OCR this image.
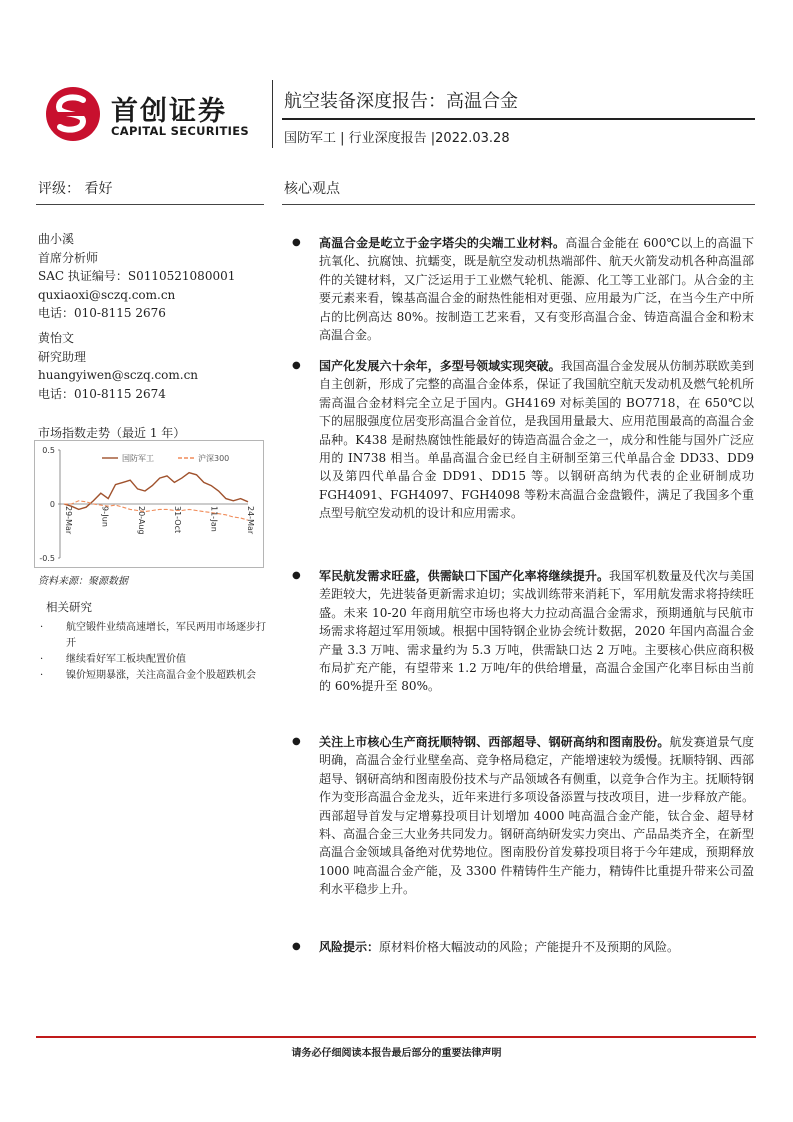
首创证券
CAPITAL SECURITIES
航空装备深度报告：高温合金
国防军工 | 行业深度报告 |2022.03.28
评级： 看好	核心观点
曲小溪
首席分析师
SAC 执证编号：S0110521080001
quxiaoxi@sczq.com.cn
电话：010-8115 2676
黄怡文
研究助理
huangyiwen@sczq.com.cn
电话：010-8115 2674
市场指数走势（最近 1 年）
0.5
0
-0.5
29-Mar	9-Jun	20-Aug	31-Oct	11-Jan	24-Mar
国防军工	沪深300
资料来源：聚源数据
相关研究
· 航空锻件业绩高速增长，军民两用市场逐步打开
· 继续看好军工板块配置价值
· 镍价短期暴涨，关注高温合金个股超跌机会
● 高温合金是屹立于金字塔尖的尖端工业材料。高温合金能在 600℃以上的高温下抗氧化、抗腐蚀、抗蠕变，既是航空发动机热端部件、航天火箭发动机各种高温部件的关键材料，又广泛运用于工业燃气轮机、能源、化工等工业部门。从合金的主要元素来看，镍基高温合金的耐热性能相对更强、应用最为广泛，在当今生产中所占的比例高达 80%。按制造工艺来看，又有变形高温合金、铸造高温合金和粉末高温合金。
● 国产化发展六十余年，多型号领域实现突破。我国高温合金发展从仿制苏联欧美到自主创新，形成了完整的高温合金体系，保证了我国航空航天发动机及燃气轮机所需高温合金材料完全立足于国内。GH4169 对标美国的 BO7718，在 650℃以下的屈服强度位居变形高温合金首位，是我国用量最大、应用范围最高的高温合金品种。K438 是耐热腐蚀性能最好的铸造高温合金之一，成分和性能与国外广泛应用的 IN738 相当。单晶高温合金已经自主研制至第三代单晶合金 DD33、DD9 以及第四代单晶合金 DD91、DD15 等。以钢研高纳为代表的企业研制成功 FGH4091、FGH4097、FGH4098 等粉末高温合金盘锻件，满足了我国多个重点型号航空发动机的设计和应用需求。
● 军民航发需求旺盛，供需缺口下国产化率将继续提升。我国军机数量及代次与美国差距较大，先进装备更新需求迫切；实战训练带来消耗下，军用航发需求将持续旺盛。未来 10-20 年商用航空市场也将大力拉动高温合金需求，预期通航与民航市场需求将超过军用领域。根据中国特钢企业协会统计数据，2020 年国内高温合金产量 3.3 万吨、需求量约为 5.3 万吨，供需缺口达 2 万吨。主要核心供应商积极布局扩充产能，有望带来 1.2 万吨/年的供给增量，高温合金国产化率目标由当前的 60%提升至 80%。
● 关注上市核心生产商抚顺特钢、西部超导、钢研高纳和图南股份。航发赛道景气度明确，高温合金行业壁垒高、竞争格局稳定，产能增速较为缓慢。抚顺特钢、西部超导、钢研高纳和图南股份技术与产品领域各有侧重，以竞争合作为主。抚顺特钢作为变形高温合金龙头，近年来进行多项设备添置与技改项目，进一步释放产能。西部超导首发与定增募投项目计划增加 4000 吨高温合金产能，钛合金、超导材料、高温合金三大业务共同发力。钢研高纳研发实力突出、产品品类齐全，在新型高温合金领域具备绝对优势地位。图南股份首发募投项目将于今年建成，预期释放 1000 吨高温合金产能，及 3300 件精铸件生产能力，精铸件比重提升带来公司盈利水平稳步上升。
● 风险提示：原材料价格大幅波动的风险；产能提升不及预期的风险。
请务必仔细阅读本报告最后部分的重要法律声明
